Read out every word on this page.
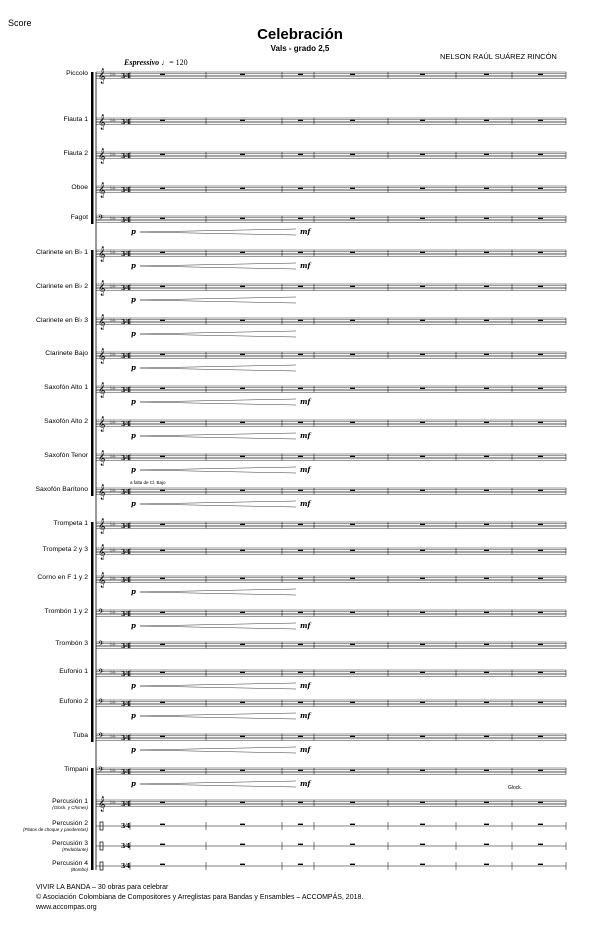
Score
Celebración
Vals - grado 2,5
NELSON RAÚL SUÁREZ RINCÓN
Espressivo ♩= 120
Piccolo
Flauta 1
Flauta 2
Oboe
Fagot
Clarinete en B♭ 1
Clarinete en B♭ 2
Clarinete en B♭ 3
Clarinete Bajo
Saxofón Alto 1
Saxofón Alto 2
Saxofón Tenor
Saxofón Barítono
Trompeta 1
Trompeta 2 y 3
Corno en F 1 y 2
Trombón 1 y 2
Trombón 3
Eufonio 1
Eufonio 2
Tuba
Timpani
Percusión 1
(Glock. y Chimes)
Percusión 2
(Platos de choque y panderetas)
Percusión 3
(Redoblante)
Percusión 4
(Bombo)
𝄞 ♭♭ 3⁄4
𝄞 ♭♭ 3⁄4
𝄞 ♭♭ 3⁄4
𝄞 ♭♭ 3⁄4
𝄢 ♭♭ 3⁄4
p	mf
𝄞 ♭♭ 3⁄4
p	mf
𝄞 ♭♭ 3⁄4
p
𝄞 ♭♭ 3⁄4
p
𝄞 ♭♭ 3⁄4
p
𝄞 ♭♭ 3⁄4
p	mf
𝄞 ♭♭ 3⁄4
p	mf
𝄞 ♭♭ 3⁄4
p	mf
𝄞 ♭♭ 3⁄4
p	mf
𝄞 ♭♭ 3⁄4
𝄞 ♭♭ 3⁄4
𝄞 ♭♭ 3⁄4
p
𝄢 ♭♭ 3⁄4
p	mf
𝄢 ♭♭ 3⁄4
𝄢 ♭♭ 3⁄4
p	mf
𝄢 ♭♭ 3⁄4
p	mf
𝄢 ♭♭ 3⁄4
p	mf
𝄢 ♭♭ 3⁄4
p	mf
𝄞 ♭♭ 3⁄4
3⁄4
3⁄4
3⁄4
a falta de Cl. Bajo
Glock.
VIVIR LA BANDA – 30 obras para celebrar
© Asociación Colombiana de Compositores y Arreglistas para Bandas y Ensambles – ACCOMPÁS, 2018.
www.accompas.org
